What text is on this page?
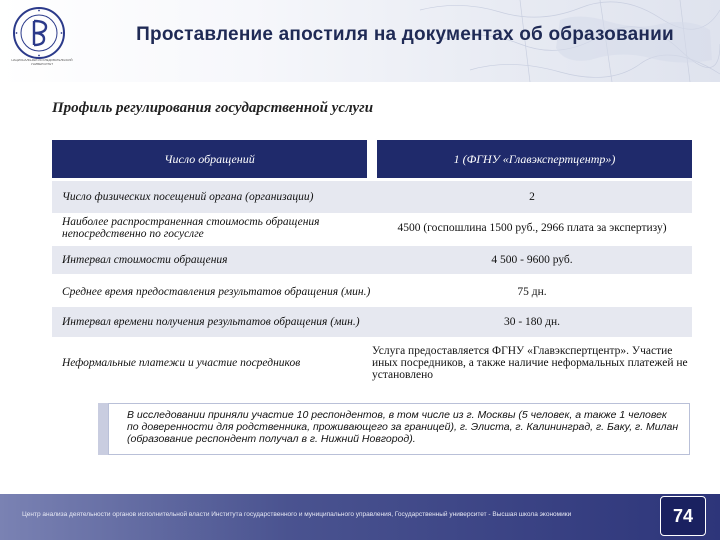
НАЦИОНАЛЬНЫЙ ИССЛЕДОВАТЕЛЬСКИЙ УНИВЕРСИТЕТ
Проставление апостиля на документах об образовании
Профиль регулирования государственной услуги
Число обращений	1 (ФГНУ «Главэкспертцентр»)

Число физических посещений органа (организации)	2
Наиболее распространенная стоимость обращения непосредственно по госуслге	4500 (госпошлина 1500 руб., 2966 плата за экспертизу)

Интервал стоимости обращения	4 500 - 9600 руб.

Среднее время предоставления результатов обращения (мин.)	75 дн.
Интервал времени получения результатов обращения (мин.)	30 - 180 дн.
Неформальные платежи и участие посредников	Услуга предоставляется ФГНУ «Главэкспертцентр». Участие иных посредников, а также наличие неформальных платежей не установлено
В исследовании приняли участие 10 респондентов, в том числе из г. Москвы (5 человек, а также 1 человек по доверенности для родственника, проживающего за границей), г. Элиста, г. Калининград, г. Баку, г. Милан (образование респондент получал в г. Нижний Новгород).
Центр анализа деятельности органов исполнительной власти Института государственного и муниципального управления, Государственный университет - Высшая школа экономики	74
